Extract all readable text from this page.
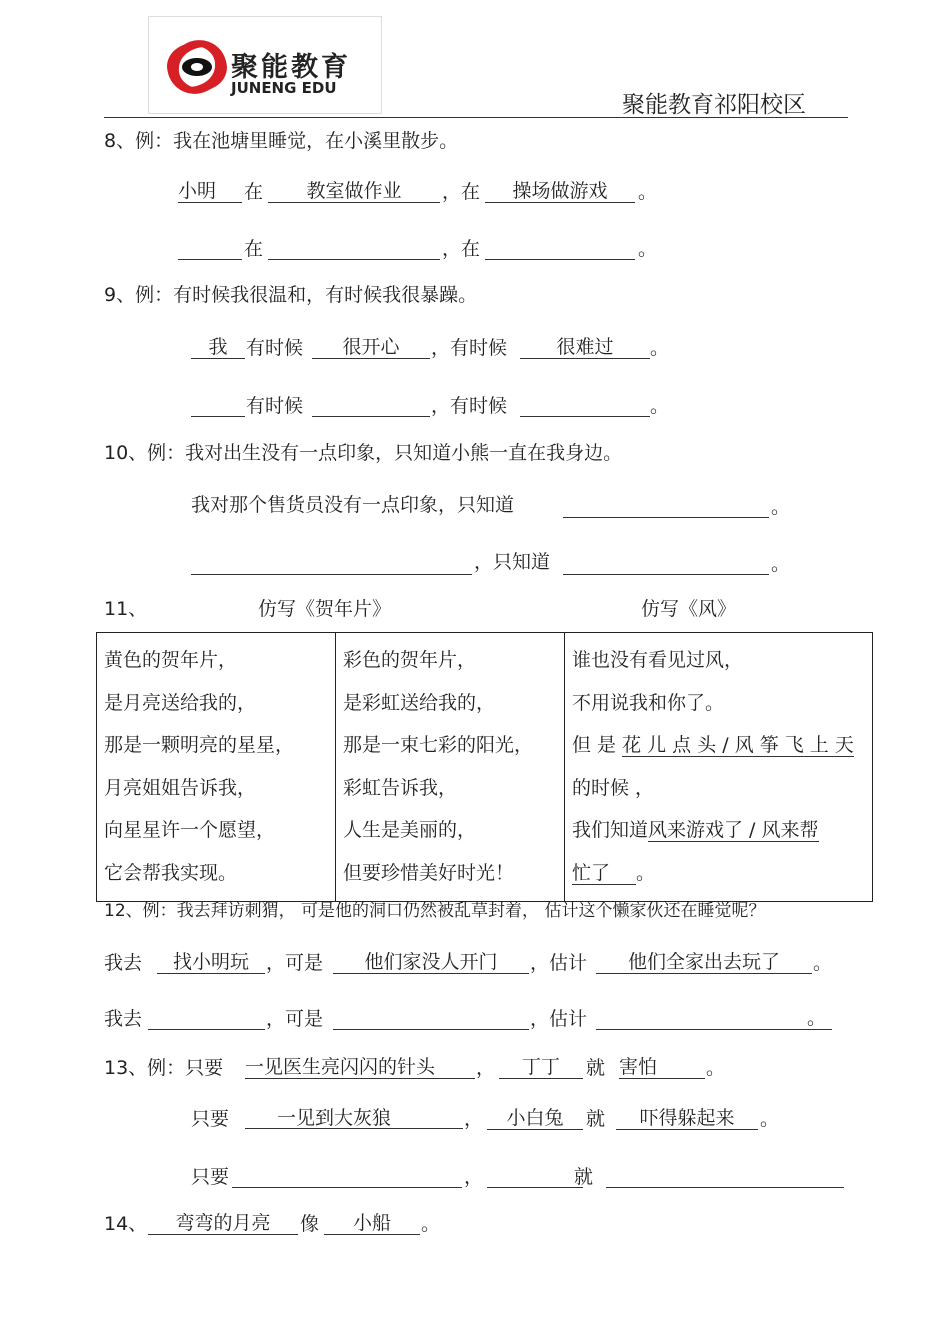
聚能教育
JUNENG EDU
聚能教育祁阳校区
8、例：我在池塘里睡觉，在小溪里散步。
小明	在	教室做作业	，在	操场做游戏	。
在	，在	。
9、例：有时候我很温和，有时候我很暴躁。
我 有时候	很开心	，有时候	很难过	。
有时候	，有时候	。
10、例：我对出生没有一点印象，只知道小熊一直在我身边。
我对那个售货员没有一点印象，只知道	。
，只知道	。
11、	仿写《贺年片》	仿写《风》
黄色的贺年片，
是月亮送给我的，
那是一颗明亮的星星，
月亮姐姐告诉我，
向星星许一个愿望，
它会帮我实现。

彩色的贺年片，
是彩虹送给我的，
那是一束七彩的阳光，
彩虹告诉我，
人生是美丽的，
但要珍惜美好时光！

谁也没有看见过风，
不用说我和你了。
但 是 花 儿 点 头 / 风 筝 飞 上 天
的时候 ，
我们知道风来游戏了 / 风来帮
忙了 。
12、例：我去拜访刺猬， 可是他的洞口仍然被乱草封着， 估计这个懒家伙还在睡觉呢？
我去	找小明玩 ，可是	他们家没人开门	，估计	他们全家出去玩了	。
我去	，可是	，估计	。
13、例：只要 一见医生亮闪闪的针头	，	丁丁	就 害怕	。
只要	一见到大灰狼	，	小白兔	就	吓得躲起来	。
只要	，	就
14、	弯弯的月亮	像	小船	。
